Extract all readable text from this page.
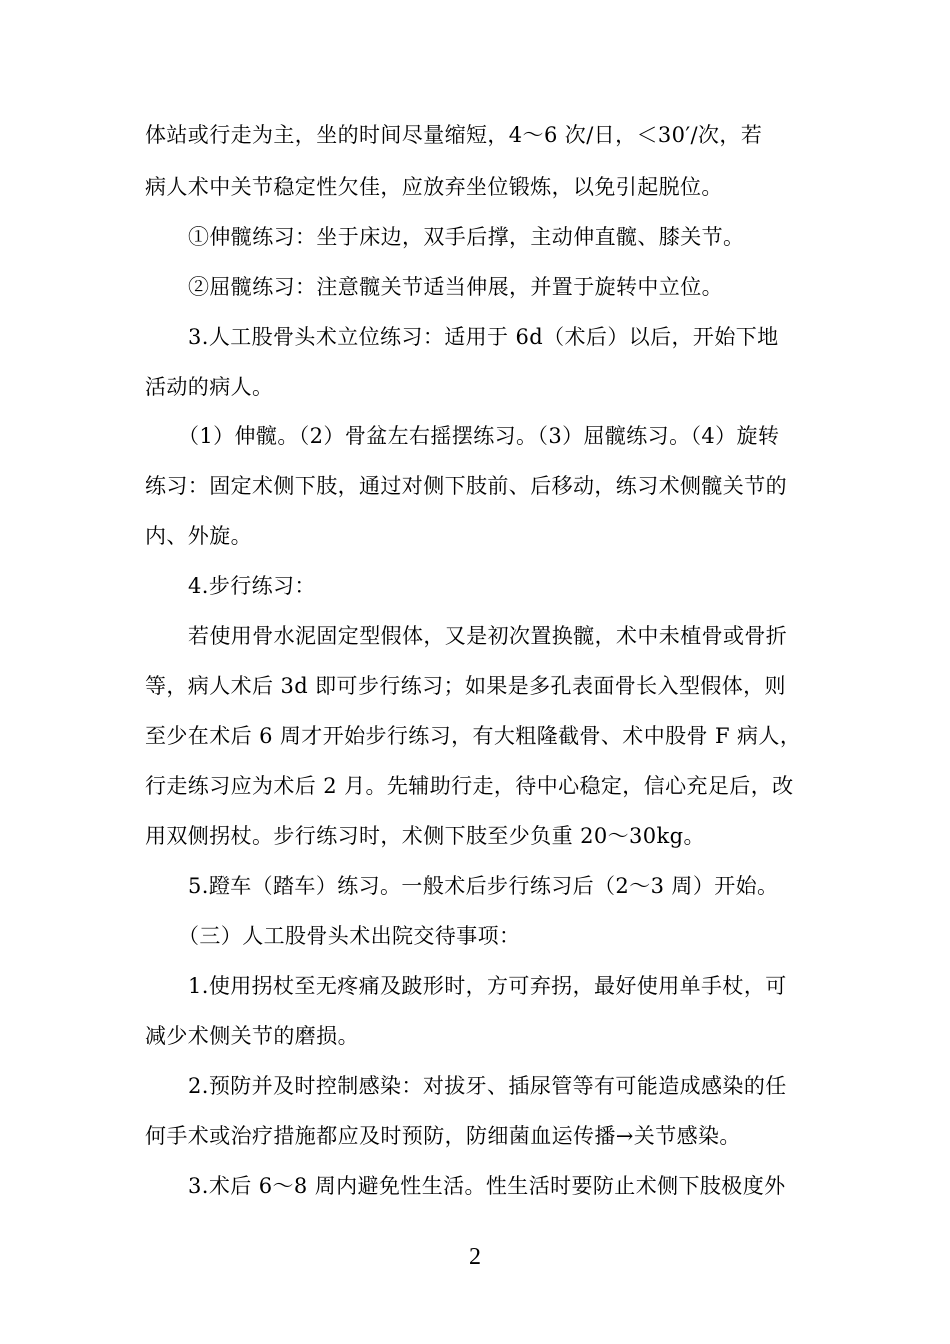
体站或行走为主，坐的时间尽量缩短，4～6 次/日，＜30′/次，若
病人术中关节稳定性欠佳，应放弃坐位锻炼，以免引起脱位。
①伸髋练习：坐于床边，双手后撑，主动伸直髋、膝关节。
②屈髋练习：注意髋关节适当伸展，并置于旋转中立位。
3.人工股骨头术立位练习：适用于 6d（术后）以后，开始下地
活动的病人。
（1）伸髋。（2）骨盆左右摇摆练习。（3）屈髋练习。（4）旋转
练习：固定术侧下肢，通过对侧下肢前、后移动，练习术侧髋关节的
内、外旋。
4.步行练习：
若使用骨水泥固定型假体，又是初次置换髋，术中未植骨或骨折
等，病人术后 3d 即可步行练习；如果是多孔表面骨长入型假体，则
至少在术后 6 周才开始步行练习，有大粗隆截骨、术中股骨 F 病人，
行走练习应为术后 2 月。先辅助行走，待中心稳定，信心充足后，改
用双侧拐杖。步行练习时，术侧下肢至少负重 20～30kg。
5.蹬车（踏车）练习。一般术后步行练习后（2～3 周）开始。
（三）人工股骨头术出院交待事项：
1.使用拐杖至无疼痛及跛形时，方可弃拐，最好使用单手杖，可
减少术侧关节的磨损。
2.预防并及时控制感染：对拔牙、插尿管等有可能造成感染的任
何手术或治疗措施都应及时预防，防细菌血运传播→关节感染。
3.术后 6～8 周内避免性生活。性生活时要防止术侧下肢极度外
2
